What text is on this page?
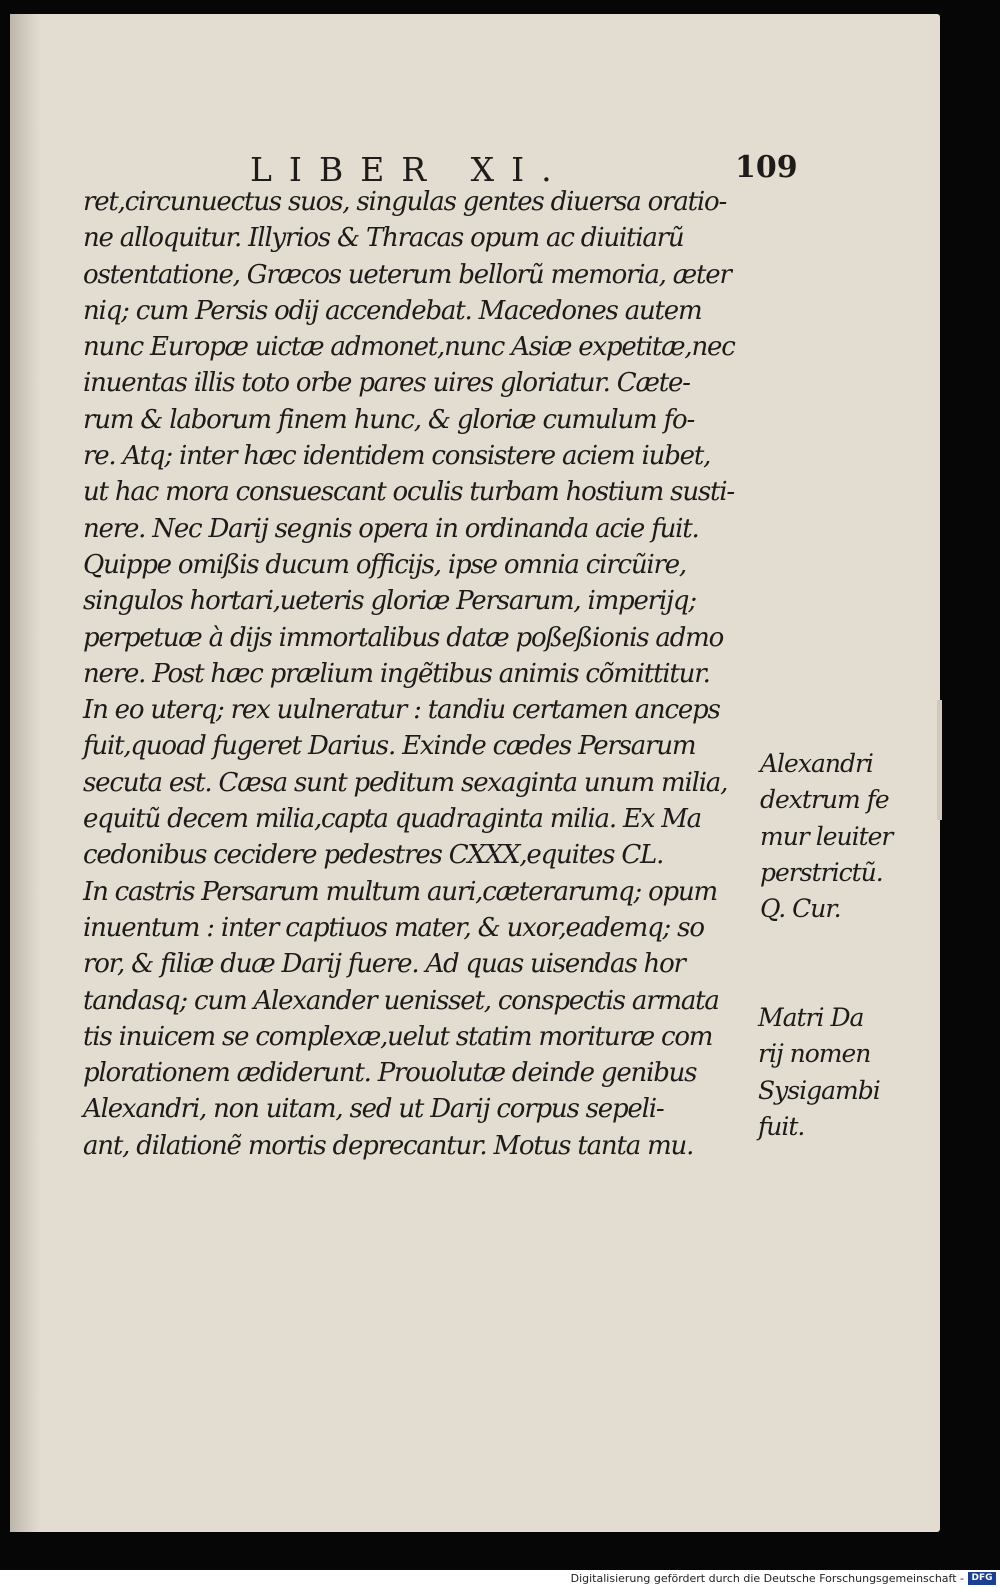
LIBER XI.	109
ret,circunuectus suos, singulas gentes diuersa oratio-
ne alloquitur. Illyrios & Thracas opum ac diuitiarũ
ostentatione, Græcos ueterum bellorũ memoria, æter
niq; cum Persis odij accendebat. Macedones autem
nunc Europæ uictæ admonet,nunc Asiæ expetitæ,nec
inuentas illis toto orbe pares uires gloriatur. Cæte-
rum & laborum finem hunc, & gloriæ cumulum fo-
re. Atq; inter hæc identidem consistere aciem iubet,
ut hac mora consuescant oculis turbam hostium susti-
nere. Nec Darij segnis opera in ordinanda acie fuit.
Quippe omißis ducum officijs, ipse omnia circũire,
singulos hortari,ueteris gloriæ Persarum, imperijq;
perpetuæ à dijs immortalibus datæ poßeßionis admo
nere. Post hæc prælium ingẽtibus animis cõmittitur.
In eo uterq; rex uulneratur : tandiu certamen anceps
fuit,quoad fugeret Darius. Exinde cædes Persarum
secuta est. Cæsa sunt peditum sexaginta unum milia,
equitũ decem milia,capta quadraginta milia. Ex Ma
cedonibus cecidere pedestres CXXX,equites CL.
In castris Persarum multum auri,cæterarumq; opum
inuentum : inter captiuos mater, & uxor,eademq; so
ror, & filiæ duæ Darij fuere. Ad quas uisendas hor
tandasq; cum Alexander uenisset, conspectis armata
tis inuicem se complexæ,uelut statim morituræ com
plorationem ædiderunt. Prouolutæ deinde genibus
Alexandri, non uitam, sed ut Darij corpus sepeli-
ant, dilationẽ mortis deprecantur. Motus tanta mu.
Alexandri
dextrum fe
mur leuiter
perstrictũ.
Q. Cur.
Matri Da
rij nomen
Sysigambi
fuit.
Digitalisierung gefördert durch die Deutsche Forschungsgemeinschaft - DFG
